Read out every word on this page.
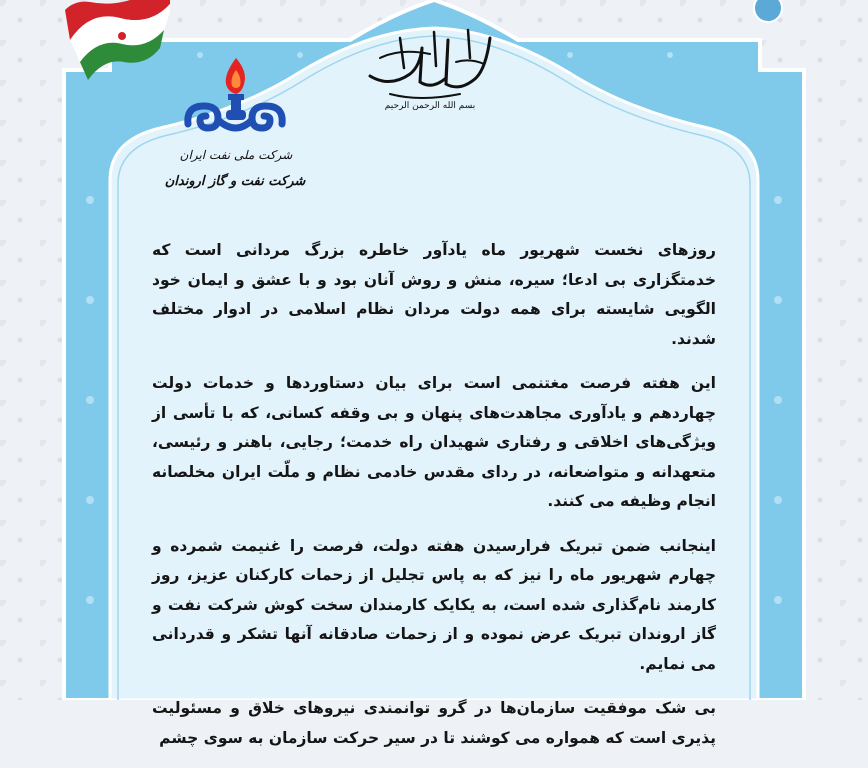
بسم الله الرحمن الرحیم
شرکت ملی نفت ایران
شرکت نفت و گاز اروندان

روزهای نخست شهریور ماه یادآور خاطره بزرگ مردانی است که خدمتگزاری بی ادعا؛ سیره، منش و روش آنان بود و با عشق و ایمان خود الگویی شایسته برای همه دولت مردان نظام اسلامی در ادوار مختلف شدند.

این هفته فرصت مغتنمی است برای بیان دستاوردها و خدمات دولت چهاردهم و یادآوری مجاهدت‌های پنهان و بی وقفه کسانی، که با تأسی از ویژگی‌های اخلاقی و رفتاری شهیدان راه خدمت؛ رجایی، باهنر و رئیسی، متعهدانه و متواضعانه، در ردای مقدس خادمی نظام و ملّت ایران مخلصانه انجام وظیفه می کنند.

اینجانب ضمن تبریک فرارسیدن هفته دولت، فرصت را غنیمت شمرده و چهارم شهریور ماه را نیز که به پاس تجلیل از زحمات کارکنان عزیز، روز کارمند نام‌گذاری شده است، به یکایک کارمندان سخت کوش شرکت نفت و گاز اروندان تبریک عرض نموده و از زحمات صادقانه آنها تشکر و قدردانی می نمایم.

بی شک موفقیت سازمان‌ها در گرو توانمندی نیروهای خلاق و مسئولیت پذیری است که همواره می کوشند تا در سیر حرکت سازمان به سوی چشم
